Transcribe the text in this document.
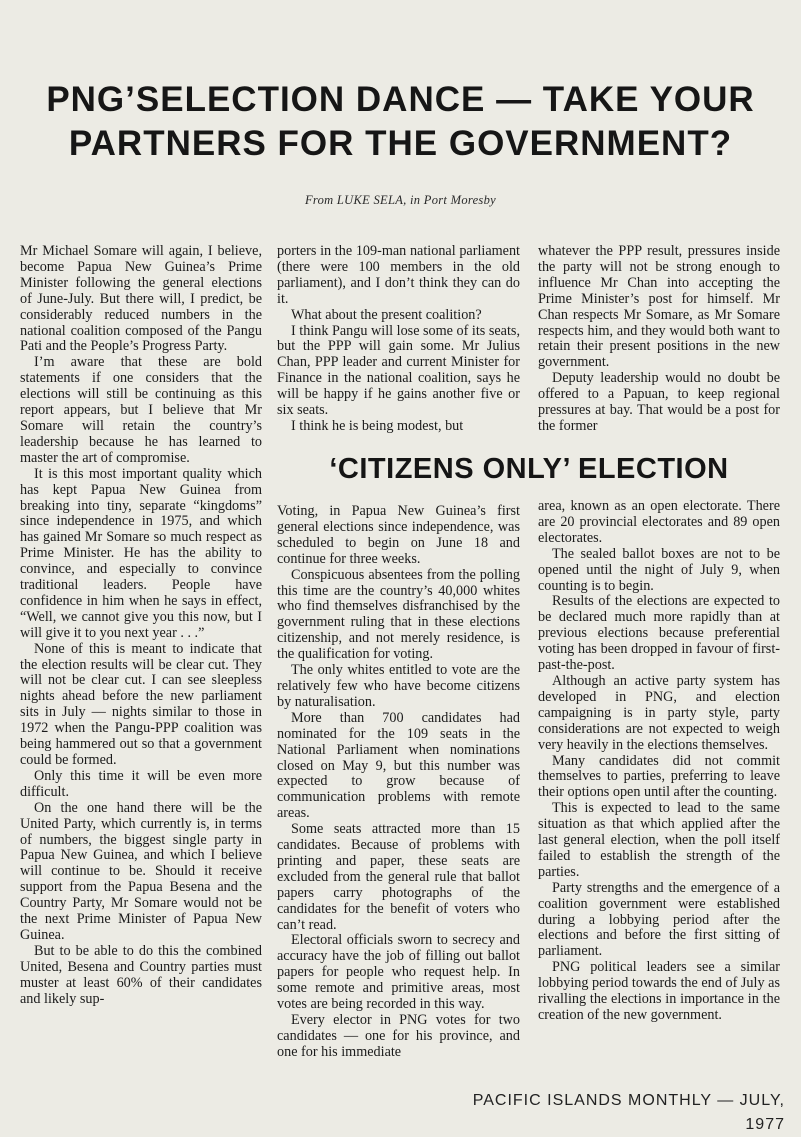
PNG’SELECTION DANCE — TAKE YOUR
PARTNERS FOR THE GOVERNMENT?
From LUKE SELA, in Port Moresby

Mr Michael Somare will again, I believe, become Papua New Guinea’s Prime Minister following the general elections of June-July. But there will, I predict, be considerably reduced numbers in the national coalition composed of the Pangu Pati and the People’s Progress Party.

I’m aware that these are bold statements if one considers that the elections will still be continuing as this report appears, but I believe that Mr Somare will retain the country’s leadership because he has learned to master the art of compromise.

It is this most important quality which has kept Papua New Guinea from breaking into tiny, separate “kingdoms” since independence in 1975, and which has gained Mr Somare so much respect as Prime Minister. He has the ability to convince, and especially to convince traditional leaders. People have confidence in him when he says in effect, “Well, we cannot give you this now, but I will give it to you next year . . .”

None of this is meant to indicate that the election results will be clear cut. They will not be clear cut. I can see sleepless nights ahead before the new parliament sits in July — nights similar to those in 1972 when the Pangu-PPP coalition was being hammered out so that a government could be formed.

Only this time it will be even more difficult.

On the one hand there will be the United Party, which currently is, in terms of numbers, the biggest single party in Papua New Guinea, and which I believe will continue to be. Should it receive support from the Papua Besena and the Country Party, Mr Somare would not be the next Prime Minister of Papua New Guinea.

But to be able to do this the combined United, Besena and Country parties must muster at least 60% of their candidates and likely sup-

porters in the 109-man national parliament (there were 100 members in the old parliament), and I don’t think they can do it.

What about the present coalition?

I think Pangu will lose some of its seats, but the PPP will gain some. Mr Julius Chan, PPP leader and current Minister for Finance in the national coalition, says he will be happy if he gains another five or six seats.

I think he is being modest, but

whatever the PPP result, pressures inside the party will not be strong enough to influence Mr Chan into accepting the Prime Minister’s post for himself. Mr Chan respects Mr Somare, as Mr Somare respects him, and they would both want to retain their present positions in the new government.

Deputy leadership would no doubt be offered to a Papuan, to keep regional pressures at bay. That would be a post for the former

‘CITIZENS ONLY’ ELECTION

Voting, in Papua New Guinea’s first general elections since independence, was scheduled to begin on June 18 and continue for three weeks.

Conspicuous absentees from the polling this time are the country’s 40,000 whites who find themselves disfranchised by the government ruling that in these elections citizenship, and not merely residence, is the qualification for voting.

The only whites entitled to vote are the relatively few who have become citizens by naturalisation.

More than 700 candidates had nominated for the 109 seats in the National Parliament when nominations closed on May 9, but this number was expected to grow because of communication problems with remote areas.

Some seats attracted more than 15 candidates. Because of problems with printing and paper, these seats are excluded from the general rule that ballot papers carry photographs of the candidates for the benefit of voters who can’t read.

Electoral officials sworn to secrecy and accuracy have the job of filling out ballot papers for people who request help. In some remote and primitive areas, most votes are being recorded in this way.

Every elector in PNG votes for two candidates — one for his province, and one for his immediate

area, known as an open electorate. There are 20 provincial electorates and 89 open electorates.

The sealed ballot boxes are not to be opened until the night of July 9, when counting is to begin.

Results of the elections are expected to be declared much more rapidly than at previous elections because preferential voting has been dropped in favour of first-past-the-post.

Although an active party system has developed in PNG, and election campaigning is in party style, party considerations are not expected to weigh very heavily in the elections themselves.

Many candidates did not commit themselves to parties, preferring to leave their options open until after the counting.

This is expected to lead to the same situation as that which applied after the last general election, when the poll itself failed to establish the strength of the parties.

Party strengths and the emergence of a coalition government were established during a lobbying period after the elections and before the first sitting of parliament.

PNG political leaders see a similar lobbying period towards the end of July as rivalling the elections in importance in the creation of the new government.

PACIFIC ISLANDS MONTHLY — JULY, 1977
